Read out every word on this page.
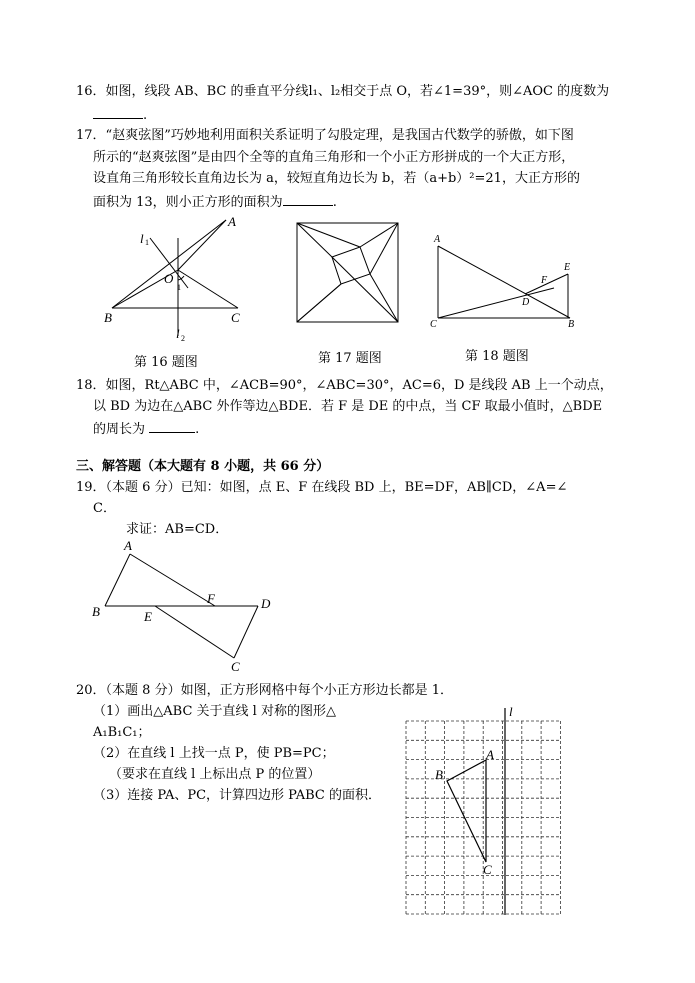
16．如图，线段 AB、BC 的垂直平分线l₁、l₂相交于点 O，若∠1=39°，则∠AOC 的度数为
.
17．“赵爽弦图”巧妙地利用面积关系证明了勾股定理，是我国古代数学的骄傲，如下图
所示的“赵爽弦图”是由四个全等的直角三角形和一个小正方形拼成的一个大正方形，
设直角三角形较长直角边长为 a，较短直角边长为 b，若（a+b）²=21，大正方形的
面积为 13，则小正方形的面积为	.
A
B	C
O
l
l
1
2
1
第 16 题图	第 17 题图
A
C	B
D
E
F
第 18 题图
18．如图，Rt△ABC 中，∠ACB=90°，∠ABC=30°，AC=6，D 是线段 AB 上一个动点，
以 BD 为边在△ABC 外作等边△BDE．若 F 是 DE 的中点，当 CF 取最小值时，△BDE
的周长为	.
三、解答题（本大题有 8 小题，共 66 分）
19．（本题 6 分）已知：如图，点 E、F 在线段 BD 上，BE=DF，AB∥CD，∠A=∠
C．
求证：AB=CD．
A
B	E
F	D
C
20．（本题 8 分）如图，正方形网格中每个小正方形边长都是 1．
（1）画出△ABC 关于直线 l 对称的图形△
A₁B₁C₁；
（2）在直线 l 上找一点 P，使 PB=PC；
（要求在直线 l 上标出点 P 的位置）
（3）连接 PA、PC，计算四边形 PABC 的面积．
l
A
B
C
